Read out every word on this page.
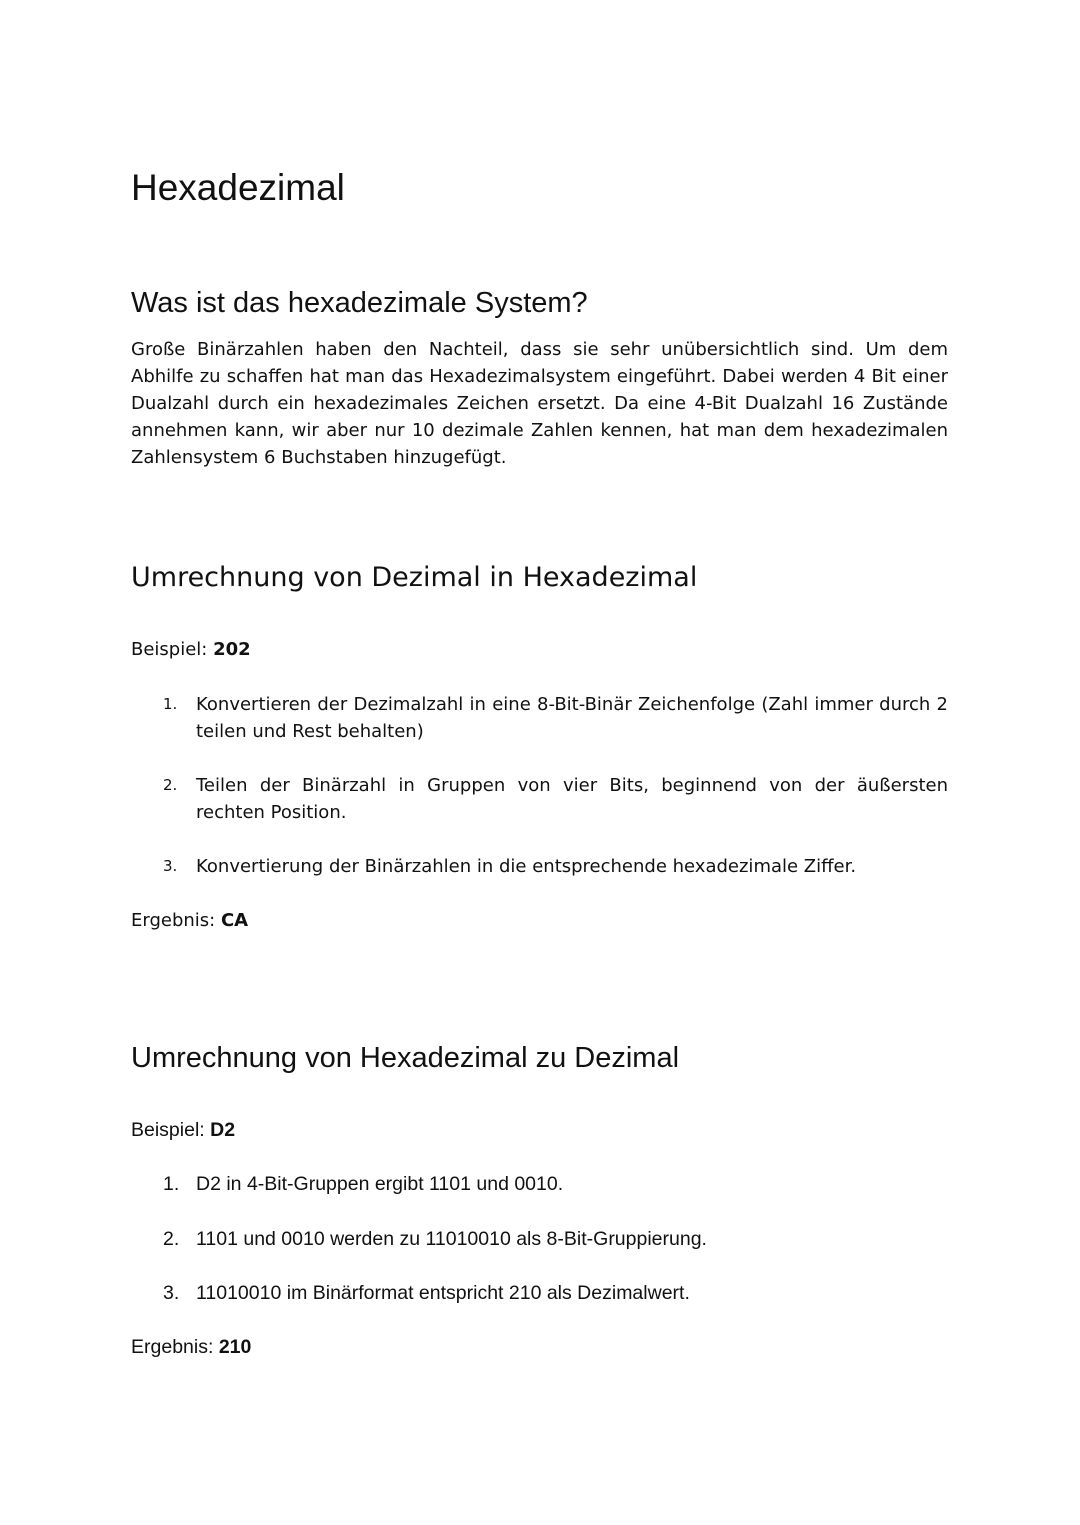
Hexadezimal
Was ist das hexadezimale System?

Große Binärzahlen haben den Nachteil, dass sie sehr unübersichtlich sind. Um dem Abhilfe zu schaffen hat man das Hexadezimalsystem eingeführt. Dabei werden 4 Bit einer Dualzahl durch ein hexadezimales Zeichen ersetzt. Da eine 4-Bit Dualzahl 16 Zustände annehmen kann, wir aber nur 10 dezimale Zahlen kennen, hat man dem hexadezimalen Zahlensystem 6 Buchstaben hinzugefügt.

Umrechnung von Dezimal in Hexadezimal

Beispiel: 202

1. Konvertieren der Dezimalzahl in eine 8-Bit-Binär Zeichenfolge (Zahl immer durch 2 teilen und Rest behalten)
2. Teilen der Binärzahl in Gruppen von vier Bits, beginnend von der äußersten rechten Position.
3. Konvertierung der Binärzahlen in die entsprechende hexadezimale Ziffer.

Ergebnis: CA

Umrechnung von Hexadezimal zu Dezimal

Beispiel: D2

1. D2 in 4-Bit-Gruppen ergibt 1101 und 0010.
2. 1101 und 0010 werden zu 11010010 als 8-Bit-Gruppierung.
3. 11010010 im Binärformat entspricht 210 als Dezimalwert.

Ergebnis: 210
